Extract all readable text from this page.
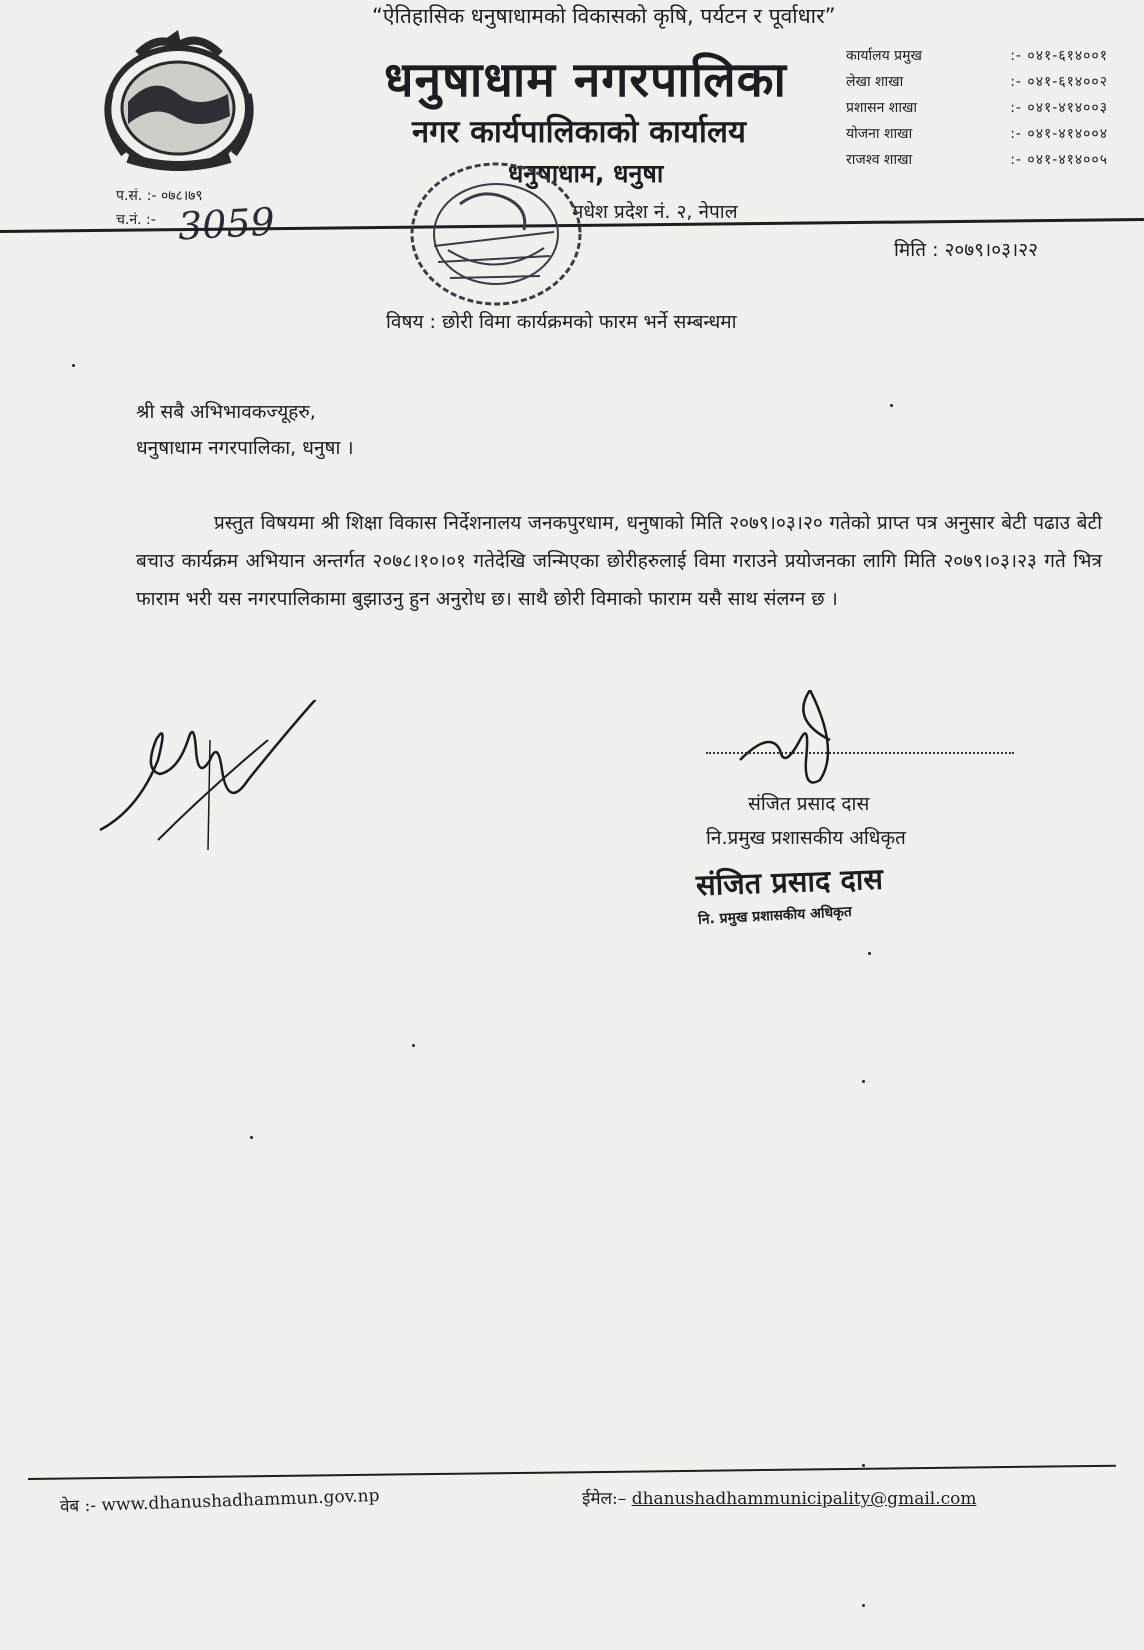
“ऐतिहासिक धनुषाधामको विकासको कृषि, पर्यटन र पूर्वाधार”
धनुषाधाम नगरपालिका
नगर कार्यपालिकाको कार्यालय
धनुषाधाम, धनुषा
मधेश प्रदेश नं. २, नेपाल
कार्यालय प्रमुख	:- ०४१-६१४००१
लेखा शाखा	:- ०४१-६१४००२
प्रशासन शाखा	:- ०४१-४१४००३
योजना शाखा	:- ०४१-४१४००४
राजश्व शाखा	:- ०४१-४१४००५
प.सं. :- ०७८।७९
च.नं. :- 3059
मिति : २०७९।०३।२२
विषय : छोरी विमा कार्यक्रमको फारम भर्ने सम्बन्धमा
श्री सबै अभिभावकज्यूहरु,
धनुषाधाम नगरपालिका, धनुषा ।
प्रस्तुत विषयमा श्री शिक्षा विकास निर्देशनालय जनकपुरधाम, धनुषाको मिति २०७९।०३।२० गतेको प्राप्त पत्र अनुसार बेटी पढाउ बेटी बचाउ कार्यक्रम अभियान अन्तर्गत २०७८।१०।०१ गतेदेखि जन्मिएका छोरीहरुलाई विमा गराउने प्रयोजनका लागि मिति २०७९।०३।२३ गते भित्र फाराम भरी यस नगरपालिकामा बुझाउनु हुन अनुरोध छ। साथै छोरी विमाको फाराम यसै साथ संलग्न छ ।
संजित प्रसाद दास
नि.प्रमुख प्रशासकीय अधिकृत
संजित प्रसाद दास
नि. प्रमुख प्रशासकीय अधिकृत
वेब :- www.dhanushadhammun.gov.np	ईमेल:– dhanushadhammunicipality@gmail.com
